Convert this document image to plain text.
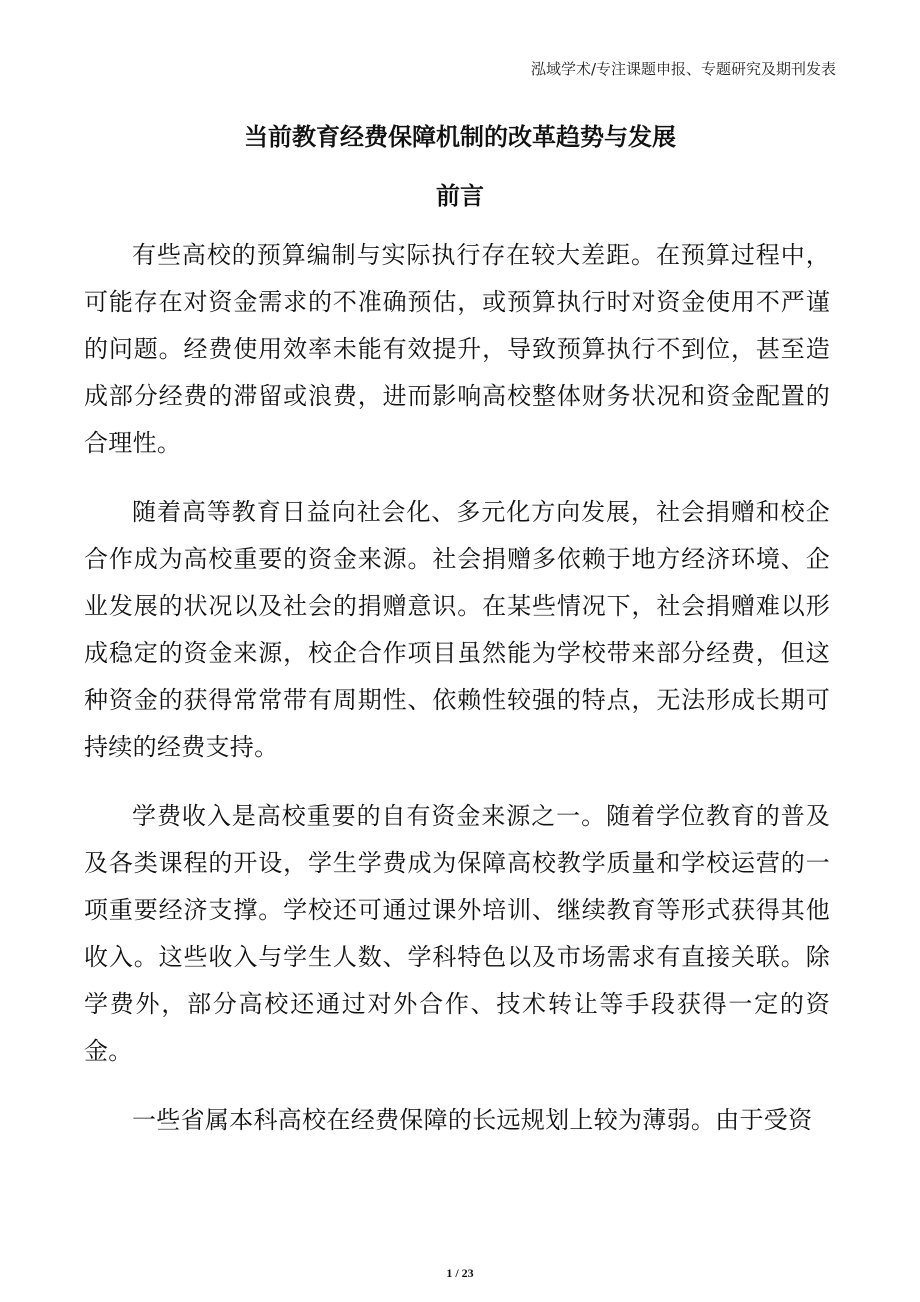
泓域学术/专注课题申报、专题研究及期刊发表
当前教育经费保障机制的改革趋势与发展
前言

有些高校的预算编制与实际执行存在较大差距。在预算过程中，可能存在对资金需求的不准确预估，或预算执行时对资金使用不严谨的问题。经费使用效率未能有效提升，导致预算执行不到位，甚至造成部分经费的滞留或浪费，进而影响高校整体财务状况和资金配置的合理性。

随着高等教育日益向社会化、多元化方向发展，社会捐赠和校企合作成为高校重要的资金来源。社会捐赠多依赖于地方经济环境、企业发展的状况以及社会的捐赠意识。在某些情况下，社会捐赠难以形成稳定的资金来源，校企合作项目虽然能为学校带来部分经费，但这种资金的获得常常带有周期性、依赖性较强的特点，无法形成长期可持续的经费支持。

学费收入是高校重要的自有资金来源之一。随着学位教育的普及及各类课程的开设，学生学费成为保障高校教学质量和学校运营的一项重要经济支撑。学校还可通过课外培训、继续教育等形式获得其他收入。这些收入与学生人数、学科特色以及市场需求有直接关联。除学费外，部分高校还通过对外合作、技术转让等手段获得一定的资金。

一些省属本科高校在经费保障的长远规划上较为薄弱。由于受资

1 / 23
